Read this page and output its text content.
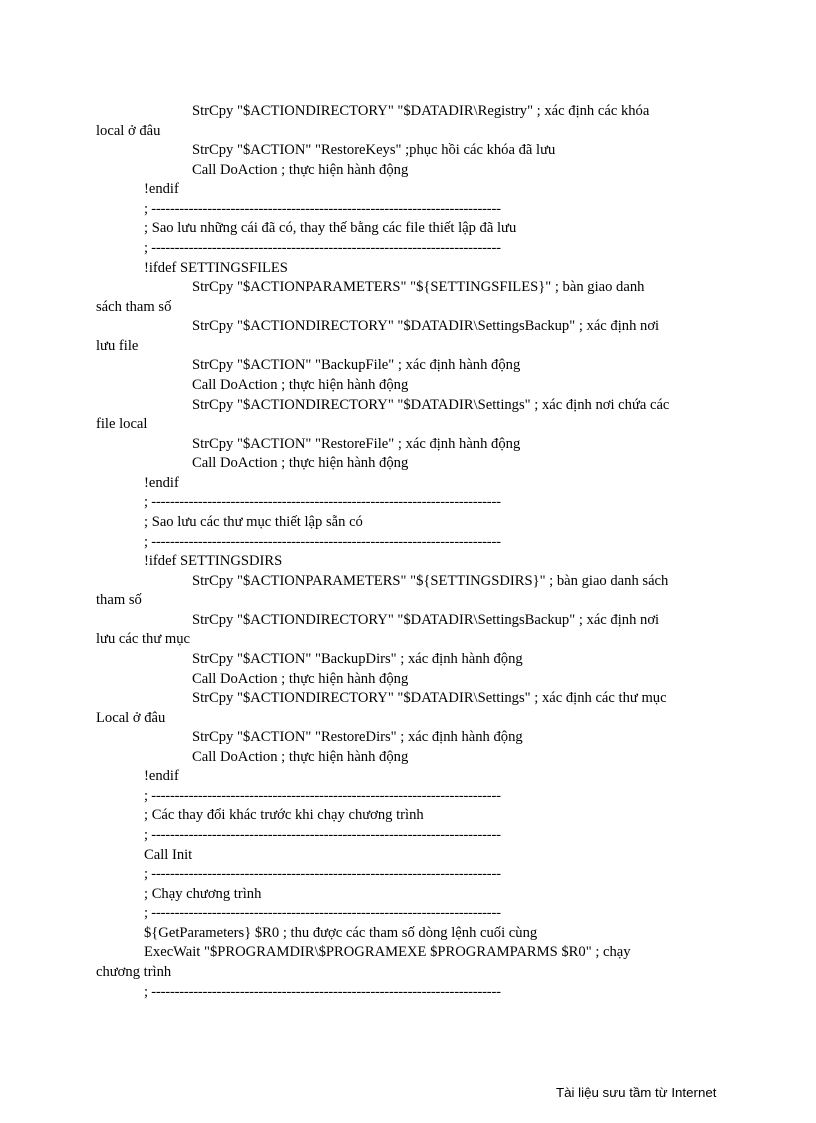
StrCpy "$ACTIONDIRECTORY" "$DATADIR\Registry" ; xác định các khóa

local ở đâu

StrCpy "$ACTION" "RestoreKeys" ;phục hồi các khóa đã lưu

Call DoAction ; thực hiện hành động

!endif

; ---------------------------------------------------------------------------

; Sao lưu những cái đã có, thay thế bằng các file thiết lập đã lưu

; ---------------------------------------------------------------------------

!ifdef SETTINGSFILES

StrCpy "$ACTIONPARAMETERS" "${SETTINGSFILES}" ; bàn giao danh

sách tham số

StrCpy "$ACTIONDIRECTORY" "$DATADIR\SettingsBackup" ; xác định nơi

lưu file

StrCpy "$ACTION" "BackupFile" ; xác định hành động

Call DoAction ; thực hiện hành động

StrCpy "$ACTIONDIRECTORY" "$DATADIR\Settings" ; xác định nơi chứa các

file local

StrCpy "$ACTION" "RestoreFile" ; xác định hành động

Call DoAction ; thực hiện hành động

!endif

; ---------------------------------------------------------------------------

; Sao lưu các thư mục thiết lập sẵn có

; ---------------------------------------------------------------------------

!ifdef SETTINGSDIRS

StrCpy "$ACTIONPARAMETERS" "${SETTINGSDIRS}" ; bàn giao danh sách

tham số

StrCpy "$ACTIONDIRECTORY" "$DATADIR\SettingsBackup" ; xác định nơi

lưu các thư mục

StrCpy "$ACTION" "BackupDirs" ; xác định hành động

Call DoAction ; thực hiện hành động

StrCpy "$ACTIONDIRECTORY" "$DATADIR\Settings" ; xác định các thư mục

Local ở đâu

StrCpy "$ACTION" "RestoreDirs" ; xác định hành động

Call DoAction ; thực hiện hành động

!endif

; ---------------------------------------------------------------------------

; Các thay đổi khác trước khi chạy chương trình

; ---------------------------------------------------------------------------

Call Init

; ---------------------------------------------------------------------------

; Chạy chương trình

; ---------------------------------------------------------------------------

${GetParameters} $R0 ; thu được các tham số dòng lệnh cuối cùng

ExecWait "$PROGRAMDIR\$PROGRAMEXE $PROGRAMPARMS $R0" ; chạy

chương trình

; ---------------------------------------------------------------------------

Tài liệu sưu tầm từ Internet
